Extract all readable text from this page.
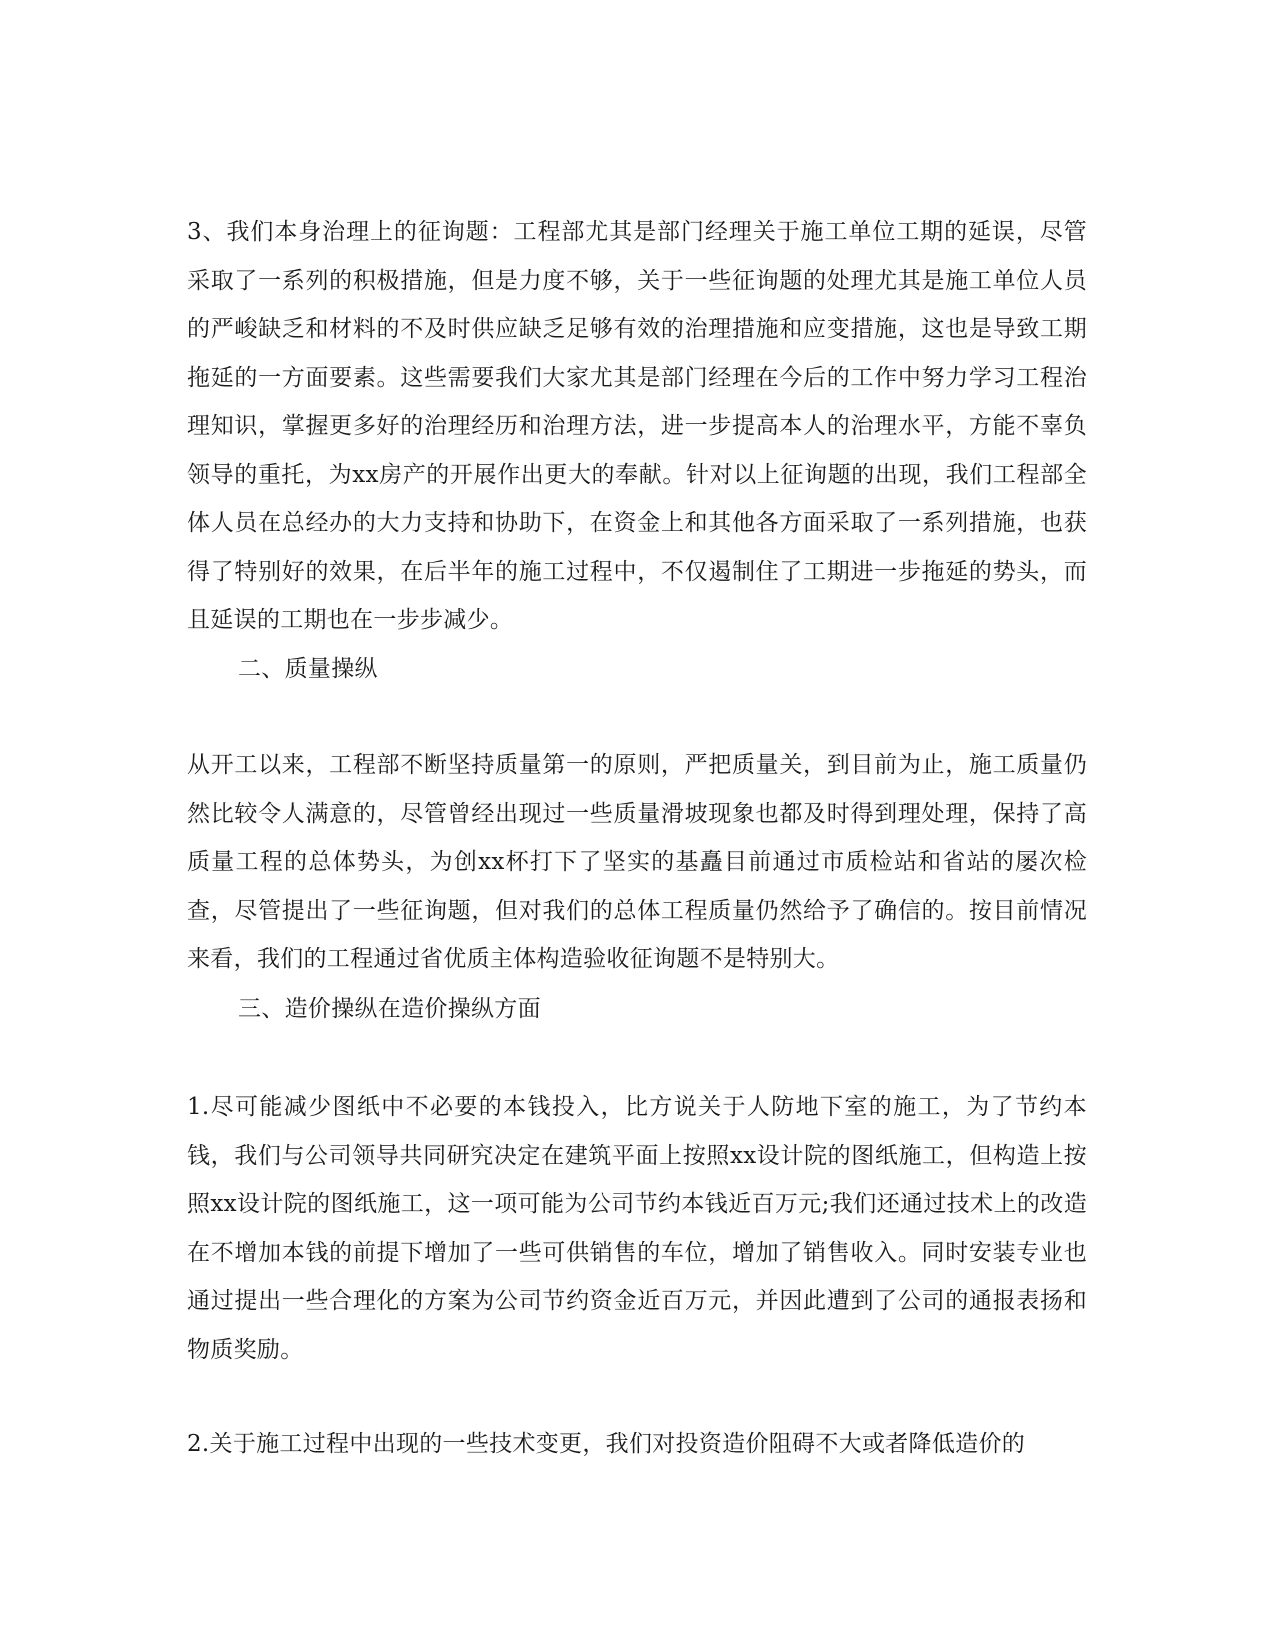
3、我们本身治理上的征询题：工程部尤其是部门经理关于施工单位工期的延误，尽管采取了一系列的积极措施，但是力度不够，关于一些征询题的处理尤其是施工单位人员的严峻缺乏和材料的不及时供应缺乏足够有效的治理措施和应变措施，这也是导致工期拖延的一方面要素。这些需要我们大家尤其是部门经理在今后的工作中努力学习工程治理知识，掌握更多好的治理经历和治理方法，进一步提高本人的治理水平，方能不辜负领导的重托，为xx房产的开展作出更大的奉献。针对以上征询题的出现，我们工程部全体人员在总经办的大力支持和协助下，在资金上和其他各方面采取了一系列措施，也获得了特别好的效果，在后半年的施工过程中，不仅遏制住了工期进一步拖延的势头，而且延误的工期也在一步步减少。

二、质量操纵

从开工以来，工程部不断坚持质量第一的原则，严把质量关，到目前为止，施工质量仍然比较令人满意的，尽管曾经出现过一些质量滑坡现象也都及时得到理处理，保持了高质量工程的总体势头，为创xx杯打下了坚实的基矗目前通过市质检站和省站的屡次检查，尽管提出了一些征询题，但对我们的总体工程质量仍然给予了确信的。按目前情况来看，我们的工程通过省优质主体构造验收征询题不是特别大。

三、造价操纵在造价操纵方面

1.尽可能减少图纸中不必要的本钱投入，比方说关于人防地下室的施工，为了节约本钱，我们与公司领导共同研究决定在建筑平面上按照xx设计院的图纸施工，但构造上按照xx设计院的图纸施工，这一项可能为公司节约本钱近百万元;我们还通过技术上的改造在不增加本钱的前提下增加了一些可供销售的车位，增加了销售收入。同时安装专业也通过提出一些合理化的方案为公司节约资金近百万元，并因此遭到了公司的通报表扬和物质奖励。

2.关于施工过程中出现的一些技术变更，我们对投资造价阻碍不大或者降低造价的
